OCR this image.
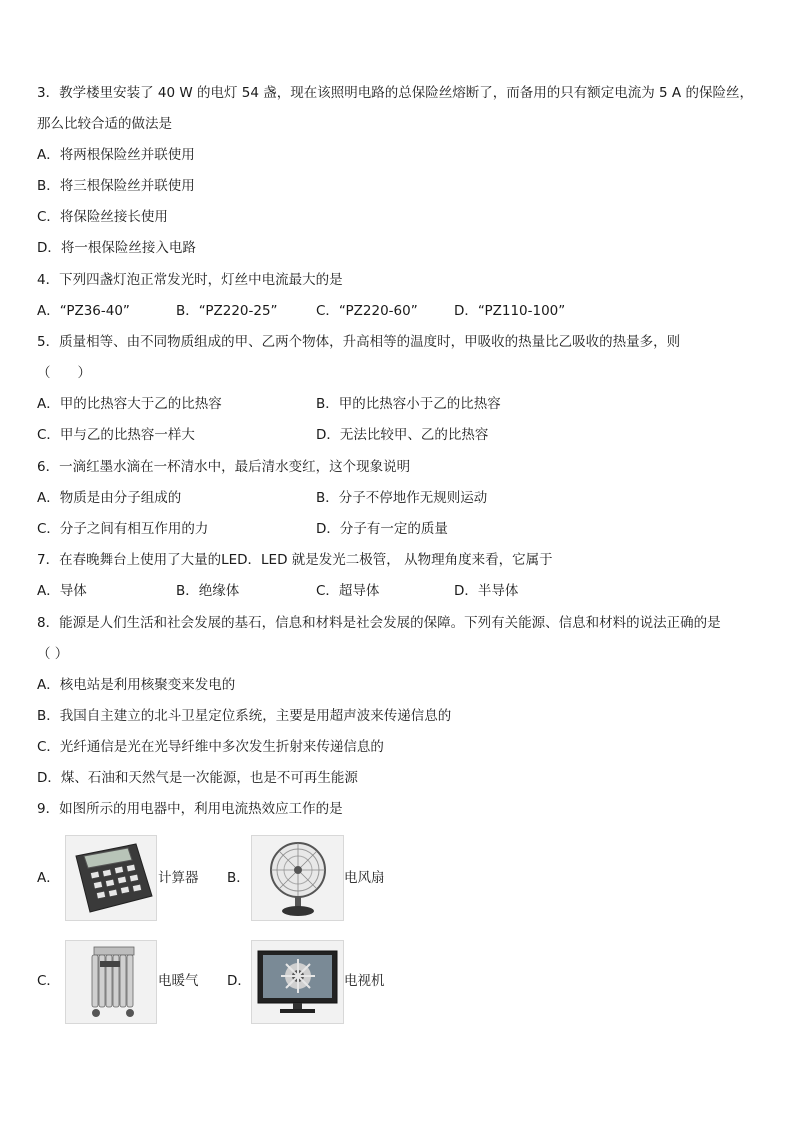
3．教学楼里安装了 40 W 的电灯 54 盏，现在该照明电路的总保险丝熔断了，而备用的只有额定电流为 5 A 的保险丝，
那么比较合适的做法是
A．将两根保险丝并联使用
B．将三根保险丝并联使用
C．将保险丝接长使用
D．将一根保险丝接入电路
4．下列四盏灯泡正常发光时，灯丝中电流最大的是
A．“PZ36-40”	B．“PZ220-25”	C．“PZ220-60”	D．“PZ110-100”
5．质量相等、由不同物质组成的甲、乙两个物体，升高相等的温度时，甲吸收的热量比乙吸收的热量多，则
（　　）
A．甲的比热容大于乙的比热容	B．甲的比热容小于乙的比热容
C．甲与乙的比热容一样大	D．无法比较甲、乙的比热容
6．一滴红墨水滴在一杯清水中，最后清水变红，这个现象说明
A．物质是由分子组成的	B．分子不停地作无规则运动
C．分子之间有相互作用的力	D．分子有一定的质量
7．在春晚舞台上使用了大量的LED．LED 就是发光二极管， 从物理角度来看，它属于
A．导体	B．绝缘体	C．超导体	D．半导体
8．能源是人们生活和社会发展的基石，信息和材料是社会发展的保障。下列有关能源、信息和材料的说法正确的是
（ ）
A．核电站是利用核聚变来发电的
B．我国自主建立的北斗卫星定位系统，主要是用超声波来传递信息的
C．光纤通信是光在光导纤维中多次发生折射来传递信息的
D．煤、石油和天然气是一次能源，也是不可再生能源
9．如图所示的用电器中，利用电流热效应工作的是
A．	计算器 B．	电风扇
C．	电暖气 D．	电视机
